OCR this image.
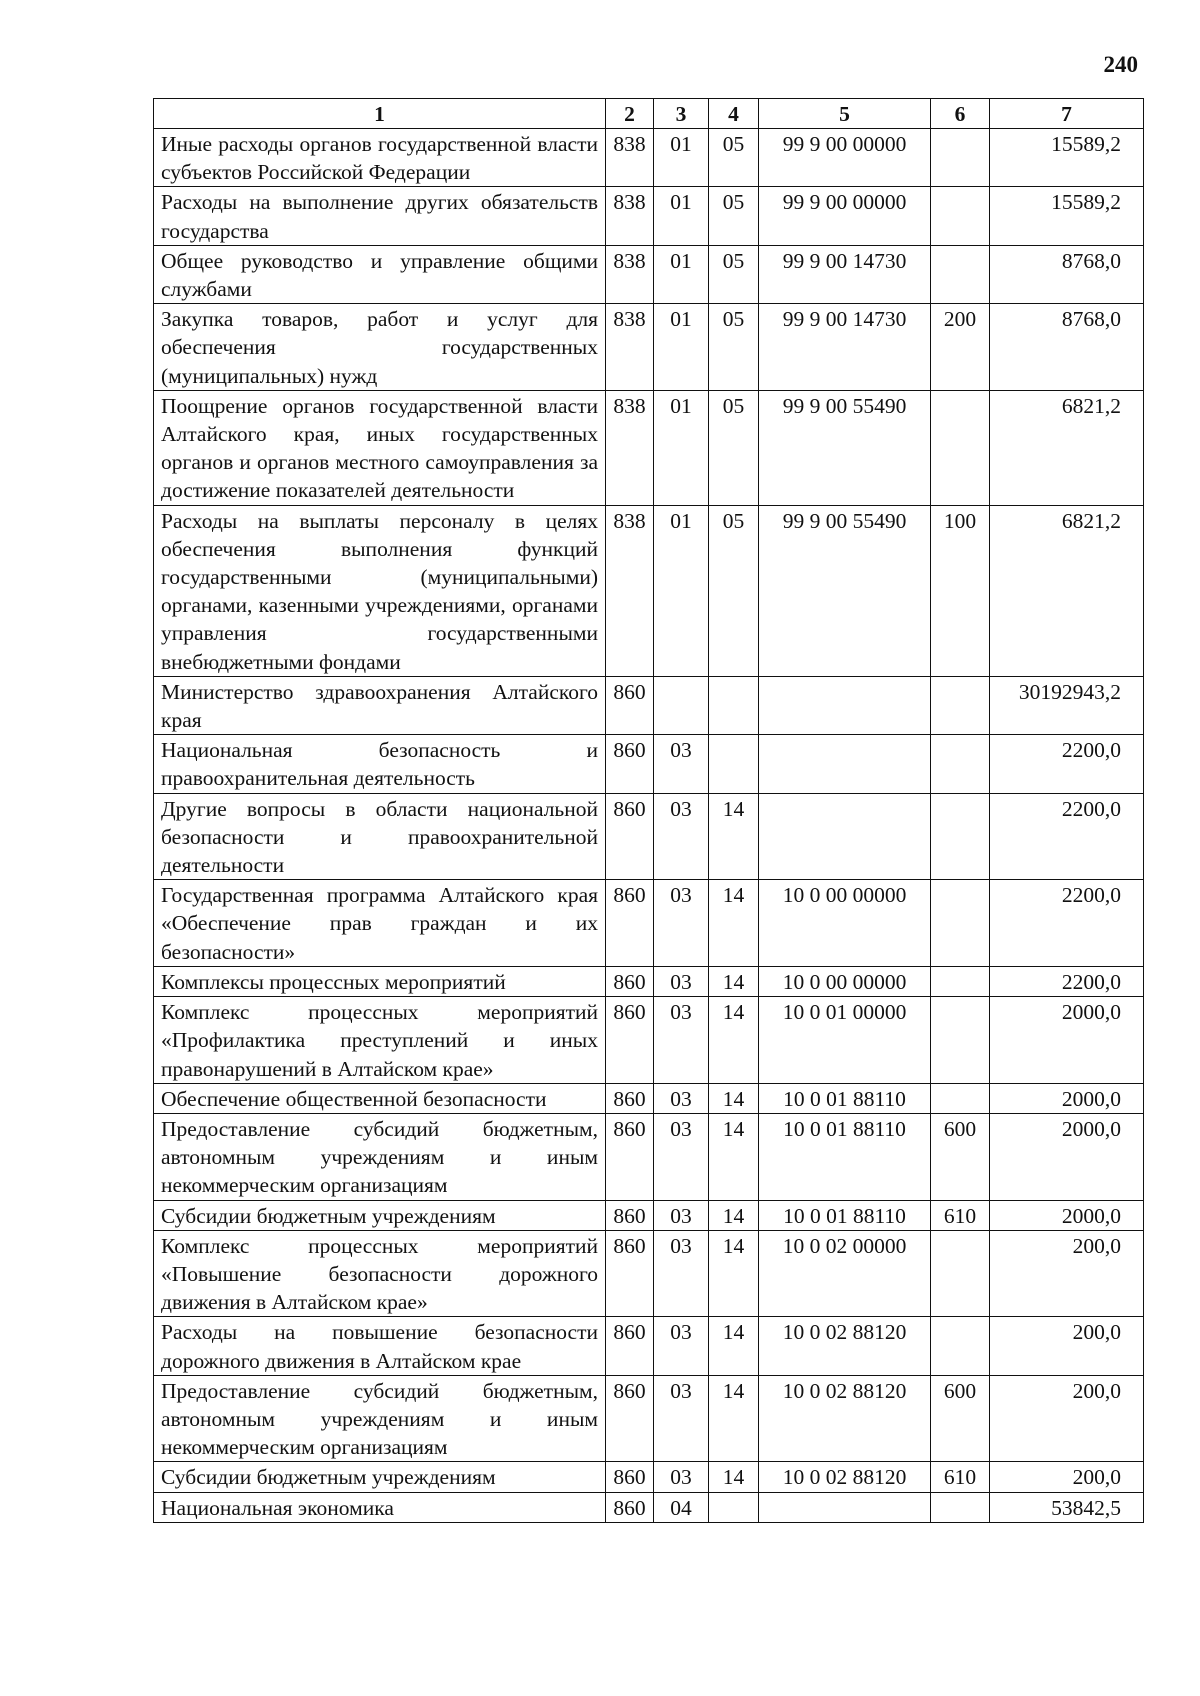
240
1	2	3	4	5	6	7
Иные расходы органов государственной власти субъектов Российской Федерации	838	01	05	99 9 00 00000		15589,2
Расходы на выполнение других обязательств государства	838	01	05	99 9 00 00000		15589,2
Общее руководство и управление общими службами	838	01	05	99 9 00 14730		8768,0
Закупка товаров, работ и услуг для обеспечения государственных (муниципальных) нужд	838	01	05	99 9 00 14730	200	8768,0
Поощрение органов государственной власти Алтайского края, иных государственных органов и органов местного самоуправления за достижение показателей деятельности	838	01	05	99 9 00 55490		6821,2
Расходы на выплаты персоналу в целях обеспечения выполнения функций государственными (муниципальными) органами, казенными учреждениями, органами управления государственными внебюджетными фондами	838	01	05	99 9 00 55490	100	6821,2
Министерство здравоохранения Алтайского края	860					30192943,2
Национальная безопасность и правоохранительная деятельность	860	03				2200,0
Другие вопросы в области национальной безопасности и правоохранительной деятельности	860	03	14			2200,0
Государственная программа Алтайского края «Обеспечение прав граждан и их безопасности»	860	03	14	10 0 00 00000		2200,0
Комплексы процессных мероприятий	860	03	14	10 0 00 00000		2200,0
Комплекс процессных мероприятий «Профилактика преступлений и иных правонарушений в Алтайском крае»	860	03	14	10 0 01 00000		2000,0
Обеспечение общественной безопасности	860	03	14	10 0 01 88110		2000,0
Предоставление субсидий бюджетным, автономным учреждениям и иным некоммерческим организациям	860	03	14	10 0 01 88110	600	2000,0
Субсидии бюджетным учреждениям	860	03	14	10 0 01 88110	610	2000,0
Комплекс процессных мероприятий «Повышение безопасности дорожного движения в Алтайском крае»	860	03	14	10 0 02 00000		200,0
Расходы на повышение безопасности дорожного движения в Алтайском крае	860	03	14	10 0 02 88120		200,0
Предоставление субсидий бюджетным, автономным учреждениям и иным некоммерческим организациям	860	03	14	10 0 02 88120	600	200,0
Субсидии бюджетным учреждениям	860	03	14	10 0 02 88120	610	200,0
Национальная экономика	860	04				53842,5
